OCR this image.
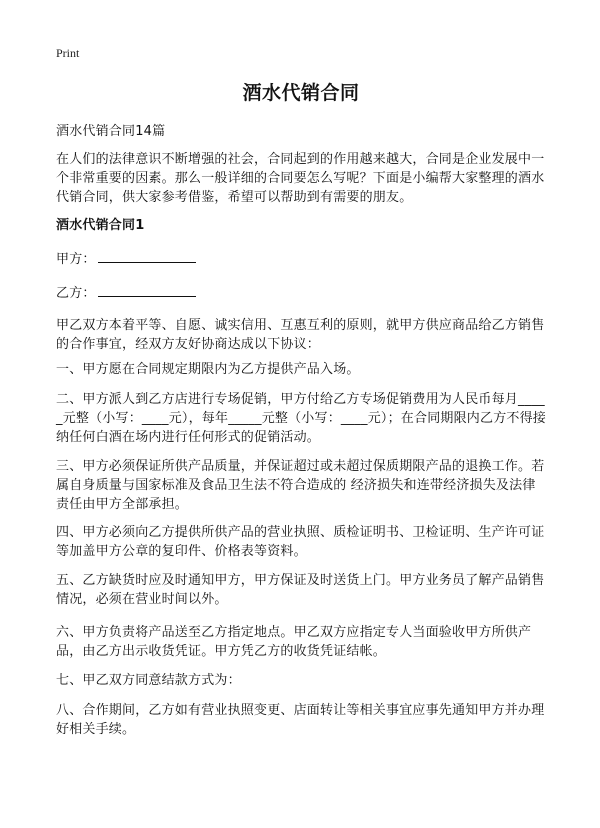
Print
酒水代销合同

酒水代销合同14篇

在人们的法律意识不断增强的社会，合同起到的作用越来越大，合同是企业发展中一个非常重要的因素。那么一般详细的合同要怎么写呢？下面是小编帮大家整理的酒水代销合同，供大家参考借鉴，希望可以帮助到有需要的朋友。

酒水代销合同1

甲方：

乙方：

甲乙双方本着平等、自愿、诚实信用、互惠互利的原则，就甲方供应商品给乙方销售的合作事宜，经双方友好协商达成以下协议：

一、甲方愿在合同规定期限内为乙方提供产品入场。

二、甲方派人到乙方店进行专场促销，甲方付给乙方专场促销费用为人民币每月_____元整（小写：____元），每年_____元整（小写：____元）；在合同期限内乙方不得接纳任何白酒在场内进行任何形式的促销活动。

三、甲方必须保证所供产品质量，并保证超过或未超过保质期限产品的退换工作。若属自身质量与国家标准及食品卫生法不符合造成的 经济损失和连带经济损失及法律责任由甲方全部承担。

四、甲方必须向乙方提供所供产品的营业执照、质检证明书、卫检证明、生产许可证等加盖甲方公章的复印件、价格表等资料。

五、乙方缺货时应及时通知甲方，甲方保证及时送货上门。甲方业务员了解产品销售情况，必须在营业时间以外。

六、甲方负责将产品送至乙方指定地点。甲乙双方应指定专人当面验收甲方所供产品，由乙方出示收货凭证。甲方凭乙方的收货凭证结帐。

七、甲乙双方同意结款方式为：

八、合作期间，乙方如有营业执照变更、店面转让等相关事宜应事先通知甲方并办理好相关手续。
